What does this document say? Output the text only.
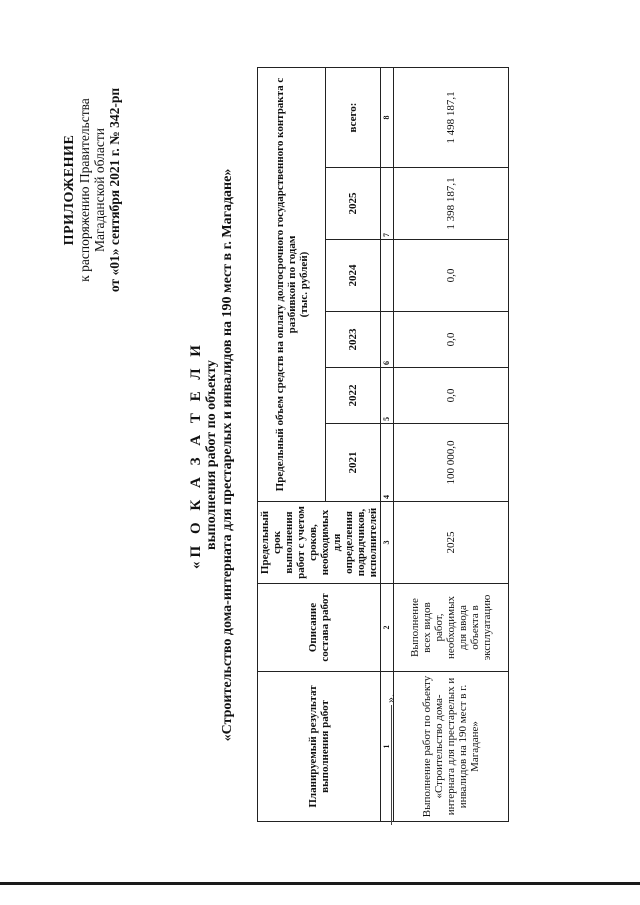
ПРИЛОЖЕНИЕ к распоряжению Правительства Магаданской области от «01» сентября 2021 г. № 342-рп
«П О К А З А Т Е Л И выполнения работ по объекту «Строительство дома-интерната для престарелых и инвалидов на 190 мест в г. Магадане»
Планируемый результат выполнения работ	Описание состава работ	Предельный срок выполнения работ с учетом сроков, необходимых для определения подрядчиков, исполнителей	Предельный объем средств на оплату долгосрочного государственного контракта с разбивкой по годам
(тыс. рублей)					
			2021	2022	2023	2024	2025	всего:
1	2	3	4	5	6		7	8
Выполнение работ по объекту «Строительство дома-интерната для престарелых и инвалидов на 190 мест в г. Магадане»	Выполнение всех видов работ, необходимых для ввода объекта в эксплуатацию	2025	100 000,0	0,0	0,0	0,0	1 398 187,1	1 498 187,1
».
